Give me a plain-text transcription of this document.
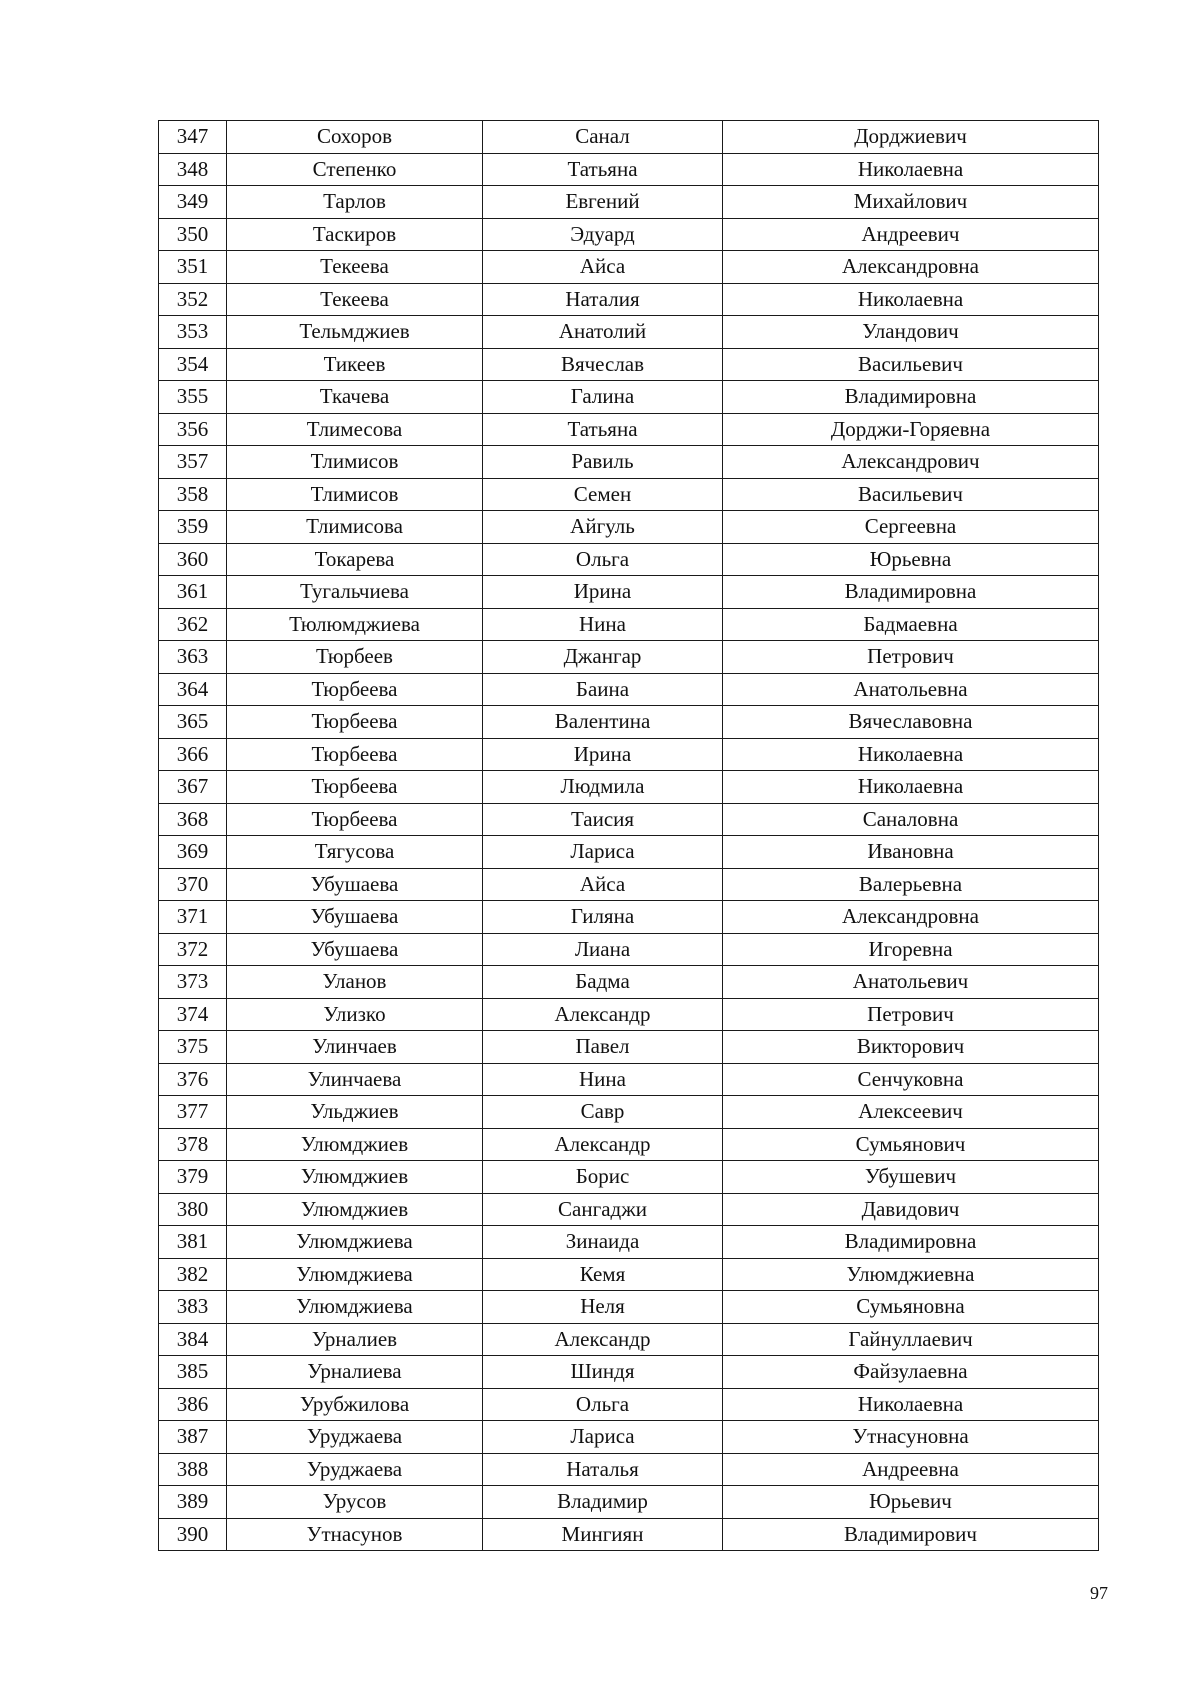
347	Сохоров	Санал	Дорджиевич
348	Степенко	Татьяна	Николаевна
349	Тарлов	Евгений	Михайлович
350	Таскиров	Эдуард	Андреевич
351	Текеева	Айса	Александровна
352	Текеева	Наталия	Николаевна
353	Тельмджиев	Анатолий	Уландович
354	Тикеев	Вячеслав	Васильевич
355	Ткачева	Галина	Владимировна
356	Тлимесова	Татьяна	Дорджи-Горяевна
357	Тлимисов	Равиль	Александрович
358	Тлимисов	Семен	Васильевич
359	Тлимисова	Айгуль	Сергеевна
360	Токарева	Ольга	Юрьевна
361	Тугальчиева	Ирина	Владимировна
362	Тюлюмджиева	Нина	Бадмаевна
363	Тюрбеев	Джангар	Петрович
364	Тюрбеева	Баина	Анатольевна
365	Тюрбеева	Валентина	Вячеславовна
366	Тюрбеева	Ирина	Николаевна
367	Тюрбеева	Людмила	Николаевна
368	Тюрбеева	Таисия	Саналовна
369	Тягусова	Лариса	Ивановна
370	Убушаева	Айса	Валерьевна
371	Убушаева	Гиляна	Александровна
372	Убушаева	Лиана	Игоревна
373	Уланов	Бадма	Анатольевич
374	Улизко	Александр	Петрович
375	Улинчаев	Павел	Викторович
376	Улинчаева	Нина	Сенчуковна
377	Ульджиев	Савр	Алексеевич
378	Улюмджиев	Александр	Сумьянович
379	Улюмджиев	Борис	Убушевич
380	Улюмджиев	Сангаджи	Давидович
381	Улюмджиева	Зинаида	Владимировна
382	Улюмджиева	Кемя	Улюмджиевна
383	Улюмджиева	Неля	Сумьяновна
384	Урналиев	Александр	Гайнуллаевич
385	Урналиева	Шиндя	Файзулаевна
386	Урубжилова	Ольга	Николаевна
387	Уруджаева	Лариса	Утнасуновна
388	Уруджаева	Наталья	Андреевна
389	Урусов	Владимир	Юрьевич
390	Утнасунов	Мингиян	Владимирович
97
